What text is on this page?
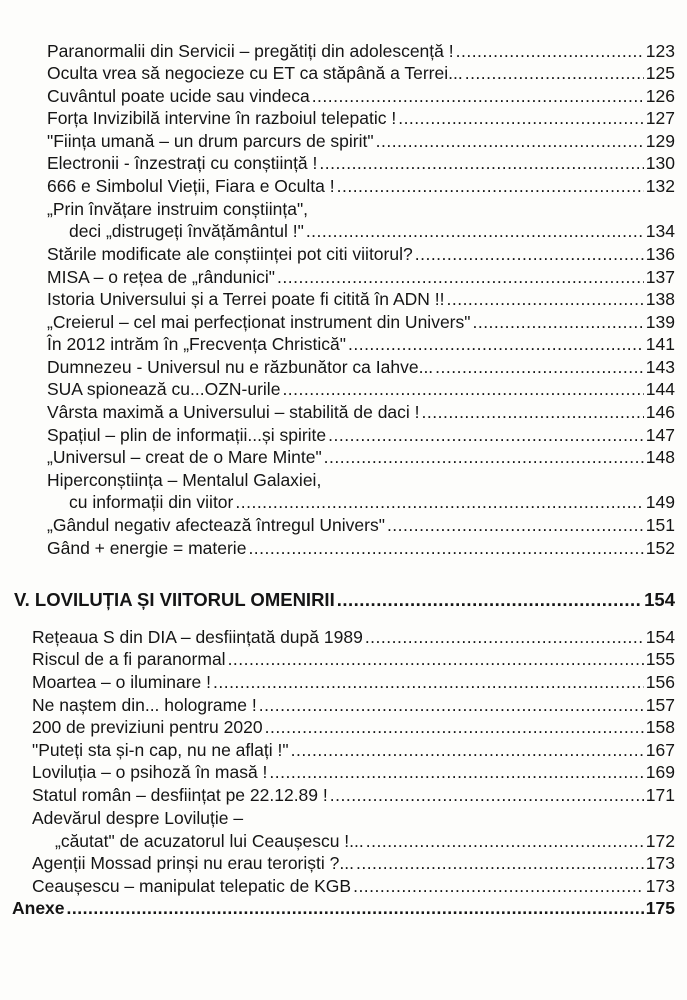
Paranormalii din Servicii – pregătiți din adolescență ! .....	123
Oculta vrea să negocieze cu ET ca stăpână a Terrei... .....	125
Cuvântul poate ucide sau vindeca .....	126
Forța Invizibilă intervine în razboiul telepatic ! .....	127
"Ființa umană – un drum parcurs de spirit" .....	129
Electronii - înzestrați cu conștiință ! .....	130
666 e Simbolul Vieții, Fiara e Oculta ! .....	132
„Prin învățare instruim conștiința",
deci „distrugeți învățământul !" .....	134
Stările modificate ale conștiinței pot citi viitorul? .....	136
MISA – o rețea de „rândunici" .....	137
Istoria Universului și a Terrei poate fi citită în ADN !! .....	138
„Creierul – cel mai perfecționat instrument din Univers" .....	139
În 2012 intrăm în „Frecvența Christică" .....	141
Dumnezeu - Universul nu e răzbunător ca Iahve... .....	143
SUA spionează cu...OZN-urile .....	144
Vârsta maximă a Universului – stabilită de daci ! .....	146
Spațiul – plin de informații...și spirite .....	147
„Universul – creat de o Mare Minte" .....	148
Hiperconștiința – Mentalul Galaxiei,
cu informații din viitor .....	149
„Gândul negativ afectează întregul Univers" .....	151
Gând + energie = materie .....	152
V. LOVILUȚIA ȘI VIITORUL OMENIRII .....	154
Rețeaua S din DIA – desființată după 1989 .....	154
Riscul de a fi paranormal .....	155
Moartea – o iluminare ! .....	156
Ne naștem din... holograme ! .....	157
200 de previziuni pentru 2020 .....	158
"Puteți sta și-n cap, nu ne aflați !" .....	167
Loviluția – o psihoză în masă ! .....	169
Statul român – desființat pe 22.12.89 ! .....	171
Adevărul despre Loviluție –
„căutat" de acuzatorul lui Ceaușescu !... .....	172
Agenții Mossad prinși nu erau teroriști ?... .....	173
Ceaușescu – manipulat telepatic de KGB .....	173
Anexe .....	175
